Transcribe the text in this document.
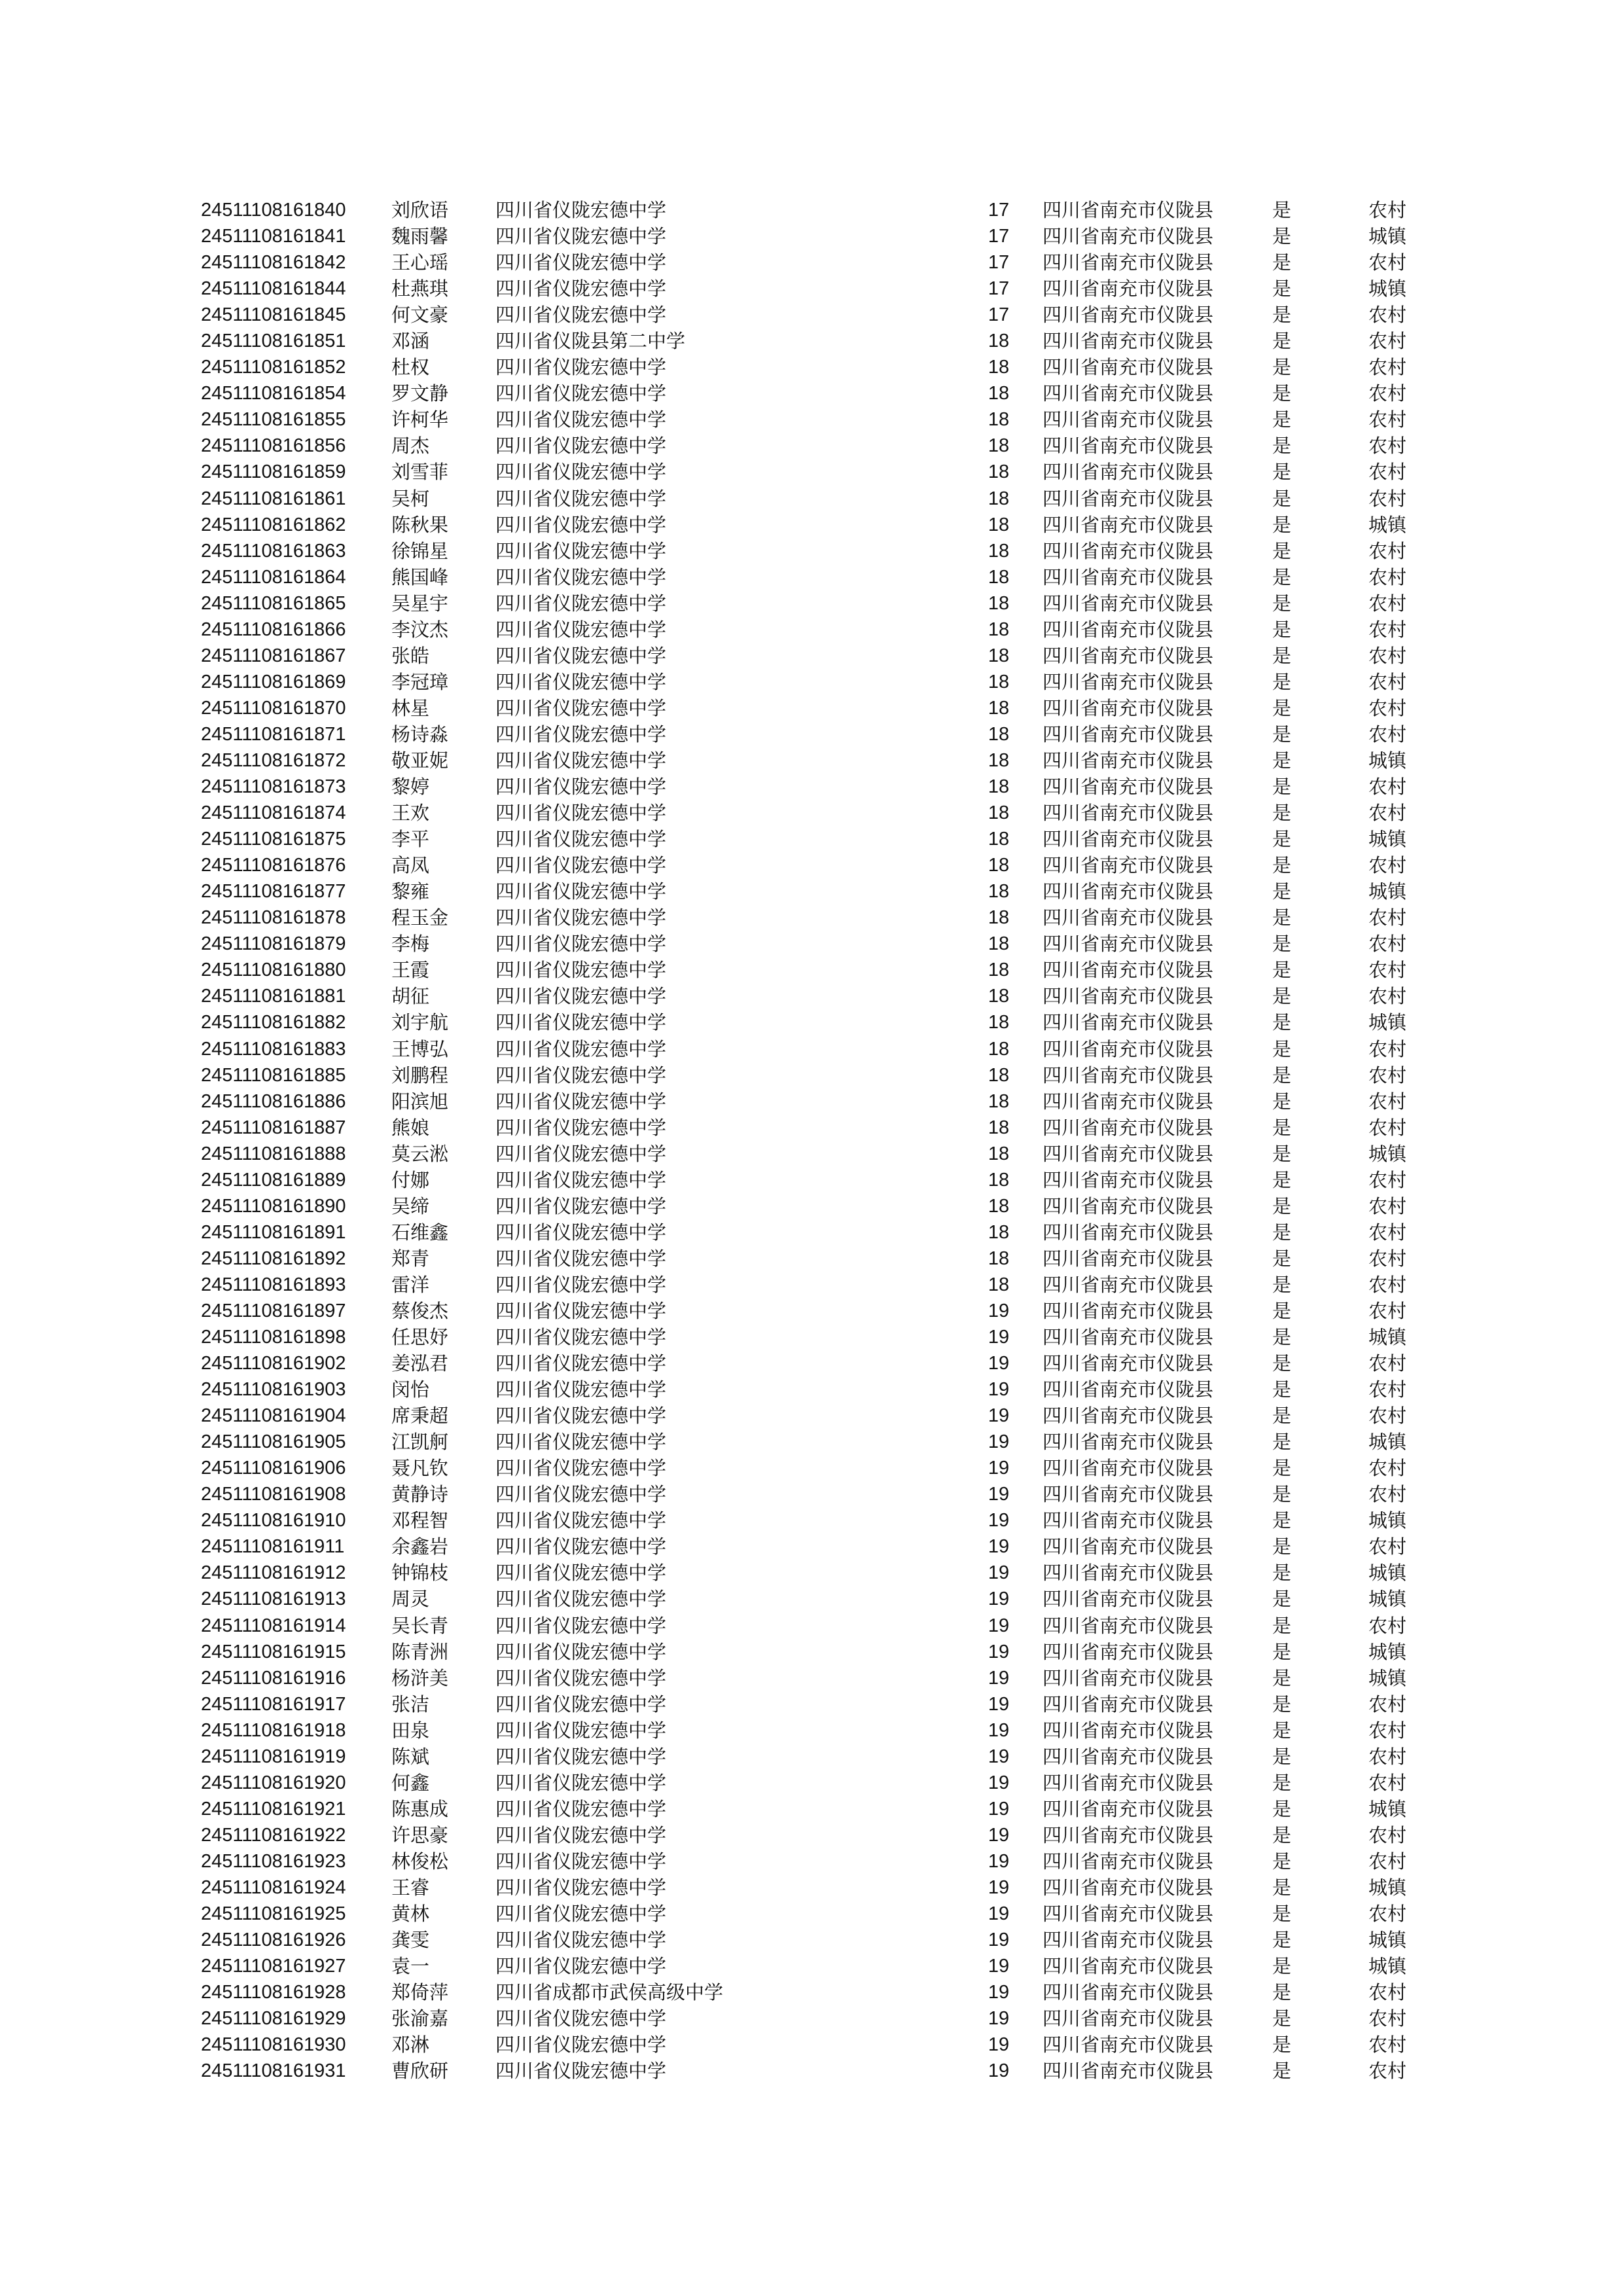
24511108161840 刘欣语 四川省仪陇宏德中学	17	四川省南充市仪陇县	是	农村
24511108161841 魏雨馨 四川省仪陇宏德中学	17	四川省南充市仪陇县	是	城镇
24511108161842 王心瑶 四川省仪陇宏德中学	17	四川省南充市仪陇县	是	农村
24511108161844 杜燕琪 四川省仪陇宏德中学	17	四川省南充市仪陇县	是	城镇
24511108161845 何文豪 四川省仪陇宏德中学	17	四川省南充市仪陇县	是	农村
24511108161851 邓涵	四川省仪陇县第二中学	18	四川省南充市仪陇县	是	农村
24511108161852 杜权	四川省仪陇宏德中学	18	四川省南充市仪陇县	是	农村
24511108161854 罗文静 四川省仪陇宏德中学	18	四川省南充市仪陇县	是	农村
24511108161855 许柯华 四川省仪陇宏德中学	18	四川省南充市仪陇县	是	农村
24511108161856 周杰	四川省仪陇宏德中学	18	四川省南充市仪陇县	是	农村
24511108161859 刘雪菲 四川省仪陇宏德中学	18	四川省南充市仪陇县	是	农村
24511108161861 吴柯	四川省仪陇宏德中学	18	四川省南充市仪陇县	是	农村
24511108161862 陈秋果 四川省仪陇宏德中学	18	四川省南充市仪陇县	是	城镇
24511108161863 徐锦星 四川省仪陇宏德中学	18	四川省南充市仪陇县	是	农村
24511108161864 熊国峰 四川省仪陇宏德中学	18	四川省南充市仪陇县	是	农村
24511108161865 吴星宇 四川省仪陇宏德中学	18	四川省南充市仪陇县	是	农村
24511108161866 李汶杰 四川省仪陇宏德中学	18	四川省南充市仪陇县	是	农村
24511108161867 张皓	四川省仪陇宏德中学	18	四川省南充市仪陇县	是	农村
24511108161869 李冠璋 四川省仪陇宏德中学	18	四川省南充市仪陇县	是	农村
24511108161870 林星	四川省仪陇宏德中学	18	四川省南充市仪陇县	是	农村
24511108161871 杨诗淼 四川省仪陇宏德中学	18	四川省南充市仪陇县	是	农村
24511108161872 敬亚妮 四川省仪陇宏德中学	18	四川省南充市仪陇县	是	城镇
24511108161873 黎婷	四川省仪陇宏德中学	18	四川省南充市仪陇县	是	农村
24511108161874 王欢	四川省仪陇宏德中学	18	四川省南充市仪陇县	是	农村
24511108161875 李平	四川省仪陇宏德中学	18	四川省南充市仪陇县	是	城镇
24511108161876 高凤	四川省仪陇宏德中学	18	四川省南充市仪陇县	是	农村
24511108161877 黎雍	四川省仪陇宏德中学	18	四川省南充市仪陇县	是	城镇
24511108161878 程玉金 四川省仪陇宏德中学	18	四川省南充市仪陇县	是	农村
24511108161879 李梅	四川省仪陇宏德中学	18	四川省南充市仪陇县	是	农村
24511108161880 王霞	四川省仪陇宏德中学	18	四川省南充市仪陇县	是	农村
24511108161881 胡征	四川省仪陇宏德中学	18	四川省南充市仪陇县	是	农村
24511108161882 刘宇航 四川省仪陇宏德中学	18	四川省南充市仪陇县	是	城镇
24511108161883 王博弘 四川省仪陇宏德中学	18	四川省南充市仪陇县	是	农村
24511108161885 刘鹏程 四川省仪陇宏德中学	18	四川省南充市仪陇县	是	农村
24511108161886 阳滨旭 四川省仪陇宏德中学	18	四川省南充市仪陇县	是	农村
24511108161887 熊娘	四川省仪陇宏德中学	18	四川省南充市仪陇县	是	农村
24511108161888 莫云淞 四川省仪陇宏德中学	18	四川省南充市仪陇县	是	城镇
24511108161889 付娜	四川省仪陇宏德中学	18	四川省南充市仪陇县	是	农村
24511108161890 吴缔	四川省仪陇宏德中学	18	四川省南充市仪陇县	是	农村
24511108161891 石维鑫 四川省仪陇宏德中学	18	四川省南充市仪陇县	是	农村
24511108161892 郑青	四川省仪陇宏德中学	18	四川省南充市仪陇县	是	农村
24511108161893 雷洋	四川省仪陇宏德中学	18	四川省南充市仪陇县	是	农村
24511108161897 蔡俊杰 四川省仪陇宏德中学	19	四川省南充市仪陇县	是	农村
24511108161898 任思妤 四川省仪陇宏德中学	19	四川省南充市仪陇县	是	城镇
24511108161902 姜泓君 四川省仪陇宏德中学	19	四川省南充市仪陇县	是	农村
24511108161903 闵怡	四川省仪陇宏德中学	19	四川省南充市仪陇县	是	农村
24511108161904 席秉超 四川省仪陇宏德中学	19	四川省南充市仪陇县	是	农村
24511108161905 江凯舸 四川省仪陇宏德中学	19	四川省南充市仪陇县	是	城镇
24511108161906 聂凡钦 四川省仪陇宏德中学	19	四川省南充市仪陇县	是	农村
24511108161908 黄静诗 四川省仪陇宏德中学	19	四川省南充市仪陇县	是	农村
24511108161910 邓程智 四川省仪陇宏德中学	19	四川省南充市仪陇县	是	城镇
24511108161911 余鑫岩 四川省仪陇宏德中学	19	四川省南充市仪陇县	是	农村
24511108161912 钟锦枝 四川省仪陇宏德中学	19	四川省南充市仪陇县	是	城镇
24511108161913 周灵	四川省仪陇宏德中学	19	四川省南充市仪陇县	是	城镇
24511108161914 吴长青 四川省仪陇宏德中学	19	四川省南充市仪陇县	是	农村
24511108161915 陈青洲 四川省仪陇宏德中学	19	四川省南充市仪陇县	是	城镇
24511108161916 杨浒美 四川省仪陇宏德中学	19	四川省南充市仪陇县	是	城镇
24511108161917 张洁	四川省仪陇宏德中学	19	四川省南充市仪陇县	是	农村
24511108161918 田泉	四川省仪陇宏德中学	19	四川省南充市仪陇县	是	农村
24511108161919 陈斌	四川省仪陇宏德中学	19	四川省南充市仪陇县	是	农村
24511108161920 何鑫	四川省仪陇宏德中学	19	四川省南充市仪陇县	是	农村
24511108161921 陈惠成 四川省仪陇宏德中学	19	四川省南充市仪陇县	是	城镇
24511108161922 许思豪 四川省仪陇宏德中学	19	四川省南充市仪陇县	是	农村
24511108161923 林俊松 四川省仪陇宏德中学	19	四川省南充市仪陇县	是	农村
24511108161924 王睿	四川省仪陇宏德中学	19	四川省南充市仪陇县	是	城镇
24511108161925 黄林	四川省仪陇宏德中学	19	四川省南充市仪陇县	是	农村
24511108161926 龚雯	四川省仪陇宏德中学	19	四川省南充市仪陇县	是	城镇
24511108161927 袁一	四川省仪陇宏德中学	19	四川省南充市仪陇县	是	城镇
24511108161928 郑倚萍 四川省成都市武侯高级中学	19	四川省南充市仪陇县	是	农村
24511108161929 张渝嘉 四川省仪陇宏德中学	19	四川省南充市仪陇县	是	农村
24511108161930 邓淋	四川省仪陇宏德中学	19	四川省南充市仪陇县	是	农村
24511108161931 曹欣研 四川省仪陇宏德中学	19	四川省南充市仪陇县	是	农村
